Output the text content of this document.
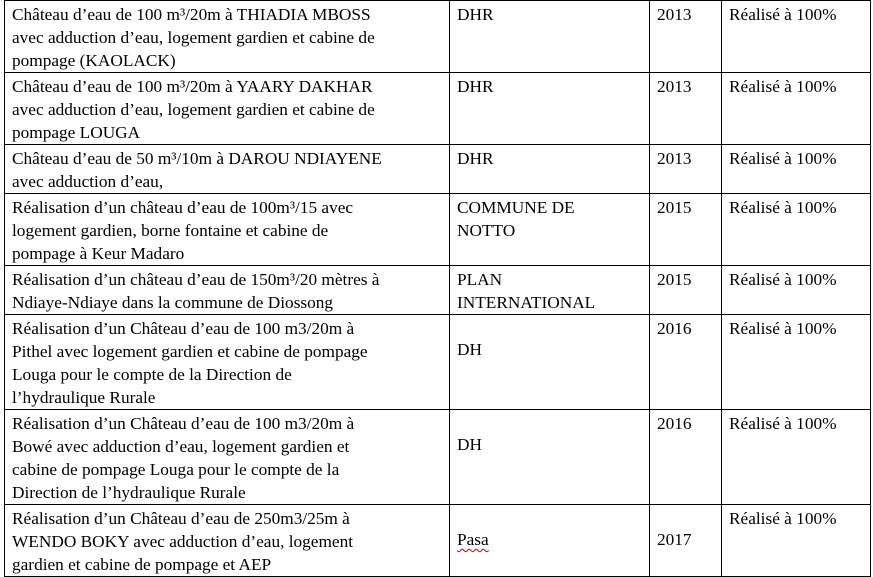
Château d’eau de 100 m³/20m à THIADIA MBOSS
avec adduction d’eau, logement gardien et cabine de
pompage (KAOLACK)	DHR	2013	Réalisé à 100%
Château d’eau de 100 m³/20m à YAARY DAKHAR
avec adduction d’eau, logement gardien et cabine de
pompage LOUGA	DHR	2013	Réalisé à 100%
Château d’eau de 50 m³/10m à DAROU NDIAYENE
avec adduction d’eau,	DHR	2013	Réalisé à 100%
Réalisation d’un château d’eau de 100m³/15 avec
logement gardien, borne fontaine et cabine de
pompage à Keur Madaro	COMMUNE DE
NOTTO	2015	Réalisé à 100%
Réalisation d’un château d’eau de 150m³/20 mètres à
Ndiaye-Ndiaye dans la commune de Diossong	PLAN
INTERNATIONAL	2015	Réalisé à 100%
Réalisation d’un Château d’eau de 100 m3/20m à
Pithel avec logement gardien et cabine de pompage
Louga pour le compte de la Direction de
l’hydraulique Rurale	DH	2016	Réalisé à 100%
Réalisation d’un Château d’eau de 100 m3/20m à
Bowé avec adduction d’eau, logement gardien et
cabine de pompage Louga pour le compte de la
Direction de l’hydraulique Rurale	DH	2016	Réalisé à 100%
Réalisation d’un Château d’eau de 250m3/25m à
WENDO BOKY avec adduction d’eau, logement
gardien et cabine de pompage et AEP	Pasa	2017	Réalisé à 100%
